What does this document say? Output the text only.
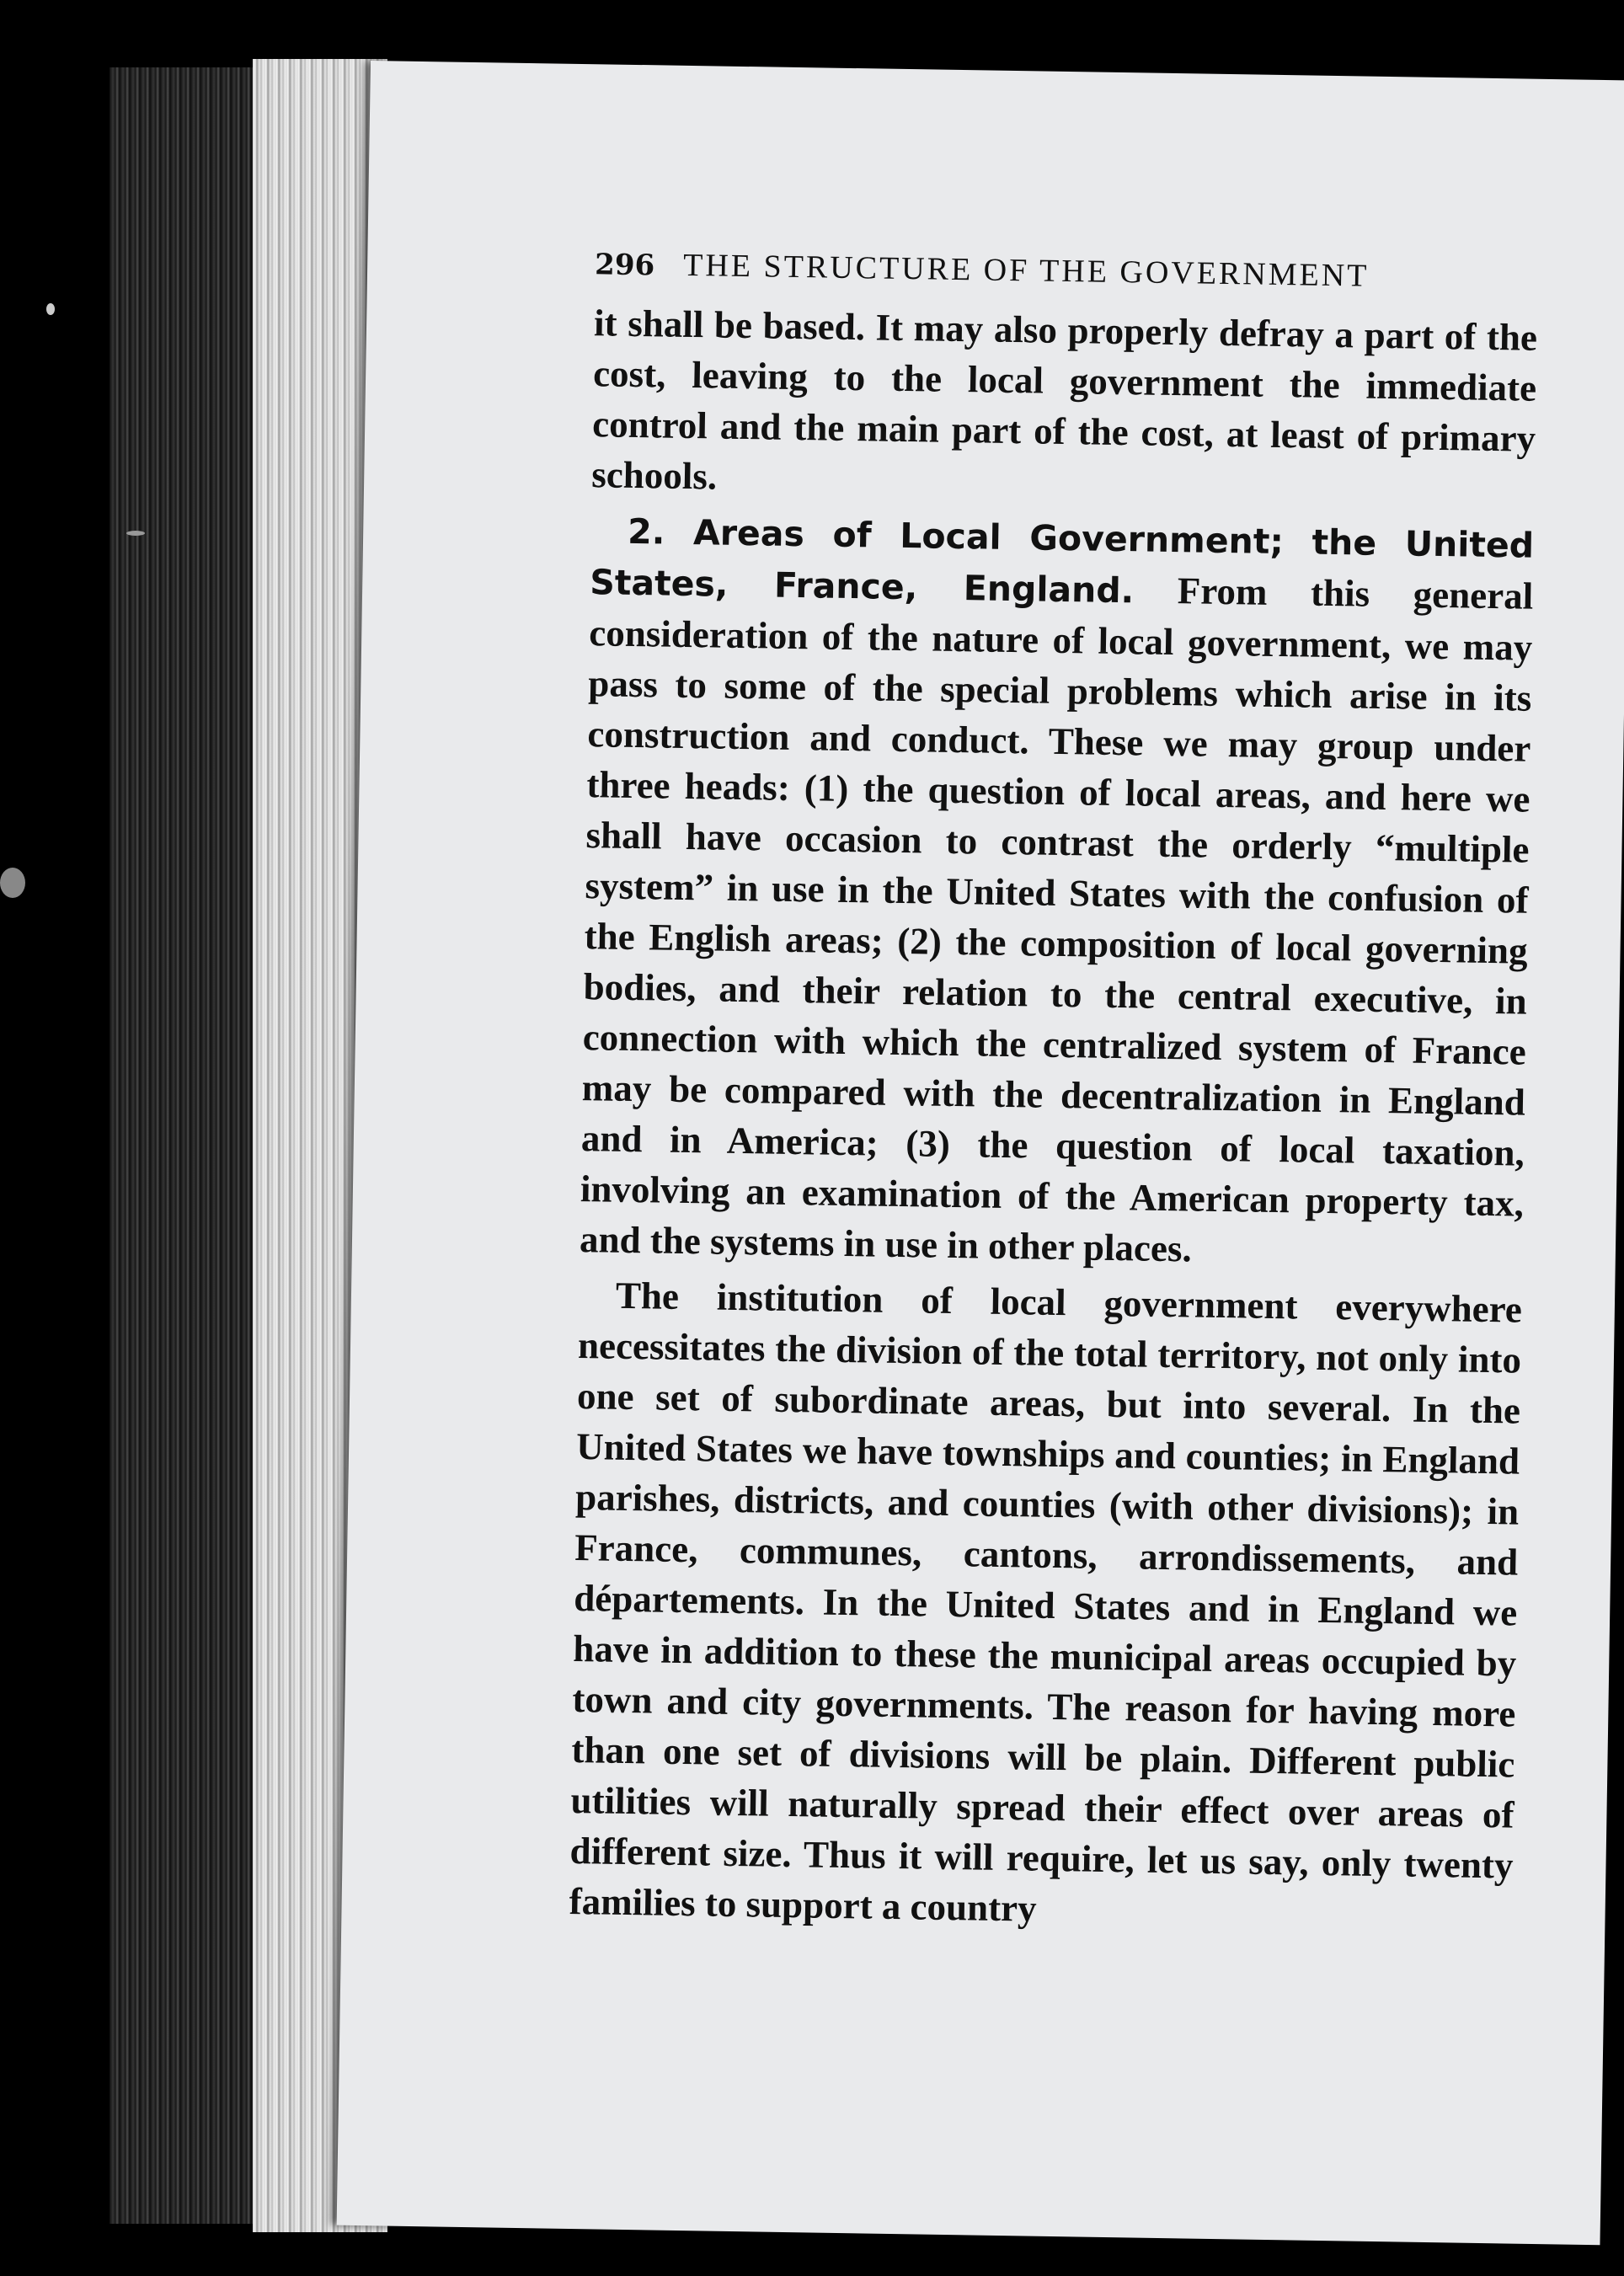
296 THE STRUCTURE OF THE GOVERNMENT

it shall be based. It may also properly defray a part of the cost, leaving to the local government the immediate control and the main part of the cost, at least of primary schools.

2. Areas of Local Government; the United States, France, England. From this general consideration of the nature of local government, we may pass to some of the special problems which arise in its construction and conduct. These we may group under three heads: (1) the question of local areas, and here we shall have occasion to contrast the orderly “multiple system” in use in the United States with the confusion of the English areas; (2) the composition of local governing bodies, and their relation to the central executive, in connection with which the centralized system of France may be compared with the decentralization in England and in America; (3) the question of local taxation, involving an examination of the American property tax, and the systems in use in other places.

The institution of local government everywhere necessitates the division of the total territory, not only into one set of subordinate areas, but into several. In the United States we have townships and counties; in England parishes, districts, and counties (with other divisions); in France, communes, cantons, arrondissements, and départements. In the United States and in England we have in addition to these the municipal areas occupied by town and city governments. The reason for having more than one set of divisions will be plain. Different public utilities will naturally spread their effect over areas of different size. Thus it will require, let us say, only twenty families to support a country
